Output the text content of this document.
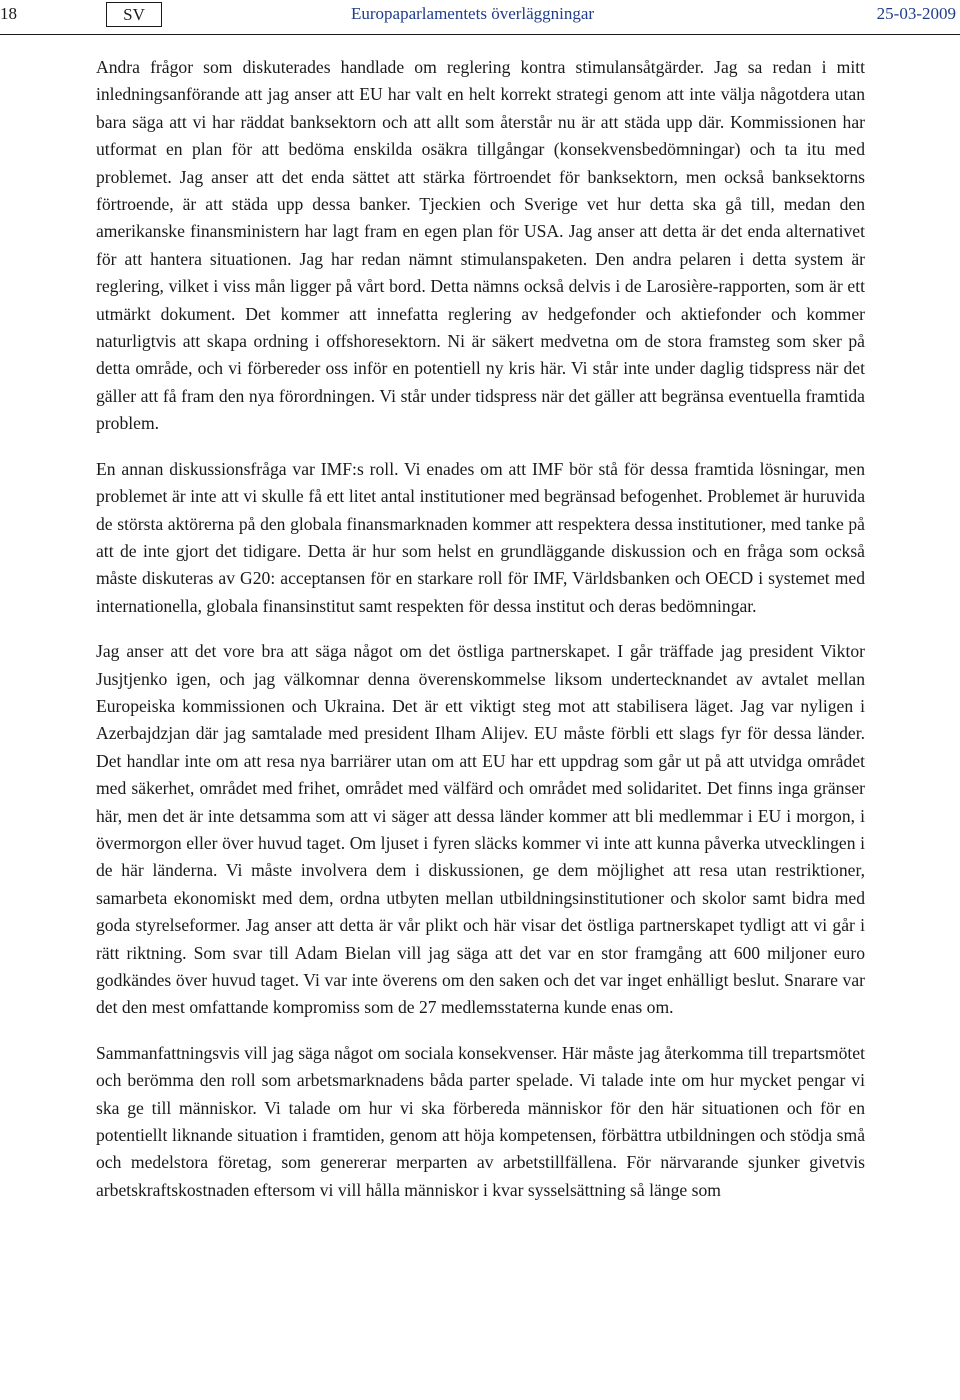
18	SV	Europaparlamentets överläggningar	25-03-2009

Andra frågor som diskuterades handlade om reglering kontra stimulansåtgärder. Jag sa redan i mitt inledningsanförande att jag anser att EU har valt en helt korrekt strategi genom att inte välja någotdera utan bara säga att vi har räddat banksektorn och att allt som återstår nu är att städa upp där. Kommissionen har utformat en plan för att bedöma enskilda osäkra tillgångar (konsekvensbedömningar) och ta itu med problemet. Jag anser att det enda sättet att stärka förtroendet för banksektorn, men också banksektorns förtroende, är att städa upp dessa banker. Tjeckien och Sverige vet hur detta ska gå till, medan den amerikanske finansministern har lagt fram en egen plan för USA. Jag anser att detta är det enda alternativet för att hantera situationen. Jag har redan nämnt stimulanspaketen. Den andra pelaren i detta system är reglering, vilket i viss mån ligger på vårt bord. Detta nämns också delvis i de Larosière-rapporten, som är ett utmärkt dokument. Det kommer att innefatta reglering av hedgefonder och aktiefonder och kommer naturligtvis att skapa ordning i offshoresektorn. Ni är säkert medvetna om de stora framsteg som sker på detta område, och vi förbereder oss inför en potentiell ny kris här. Vi står inte under daglig tidspress när det gäller att få fram den nya förordningen. Vi står under tidspress när det gäller att begränsa eventuella framtida problem.

En annan diskussionsfråga var IMF:s roll. Vi enades om att IMF bör stå för dessa framtida lösningar, men problemet är inte att vi skulle få ett litet antal institutioner med begränsad befogenhet. Problemet är huruvida de största aktörerna på den globala finansmarknaden kommer att respektera dessa institutioner, med tanke på att de inte gjort det tidigare. Detta är hur som helst en grundläggande diskussion och en fråga som också måste diskuteras av G20: acceptansen för en starkare roll för IMF, Världsbanken och OECD i systemet med internationella, globala finansinstitut samt respekten för dessa institut och deras bedömningar.

Jag anser att det vore bra att säga något om det östliga partnerskapet. I går träffade jag president Viktor Jusjtjenko igen, och jag välkomnar denna överenskommelse liksom undertecknandet av avtalet mellan Europeiska kommissionen och Ukraina. Det är ett viktigt steg mot att stabilisera läget. Jag var nyligen i Azerbajdzjan där jag samtalade med president Ilham Alijev. EU måste förbli ett slags fyr för dessa länder. Det handlar inte om att resa nya barriärer utan om att EU har ett uppdrag som går ut på att utvidga området med säkerhet, området med frihet, området med välfärd och området med solidaritet. Det finns inga gränser här, men det är inte detsamma som att vi säger att dessa länder kommer att bli medlemmar i EU i morgon, i övermorgon eller över huvud taget. Om ljuset i fyren släcks kommer vi inte att kunna påverka utvecklingen i de här länderna. Vi måste involvera dem i diskussionen, ge dem möjlighet att resa utan restriktioner, samarbeta ekonomiskt med dem, ordna utbyten mellan utbildningsinstitutioner och skolor samt bidra med goda styrelseformer. Jag anser att detta är vår plikt och här visar det östliga partnerskapet tydligt att vi går i rätt riktning. Som svar till Adam Bielan vill jag säga att det var en stor framgång att 600 miljoner euro godkändes över huvud taget. Vi var inte överens om den saken och det var inget enhälligt beslut. Snarare var det den mest omfattande kompromiss som de 27 medlemsstaterna kunde enas om.

Sammanfattningsvis vill jag säga något om sociala konsekvenser. Här måste jag återkomma till trepartsmötet och berömma den roll som arbetsmarknadens båda parter spelade. Vi talade inte om hur mycket pengar vi ska ge till människor. Vi talade om hur vi ska förbereda människor för den här situationen och för en potentiellt liknande situation i framtiden, genom att höja kompetensen, förbättra utbildningen och stödja små och medelstora företag, som genererar merparten av arbetstillfällena. För närvarande sjunker givetvis arbetskraftskostnaden eftersom vi vill hålla människor i kvar sysselsättning så länge som
